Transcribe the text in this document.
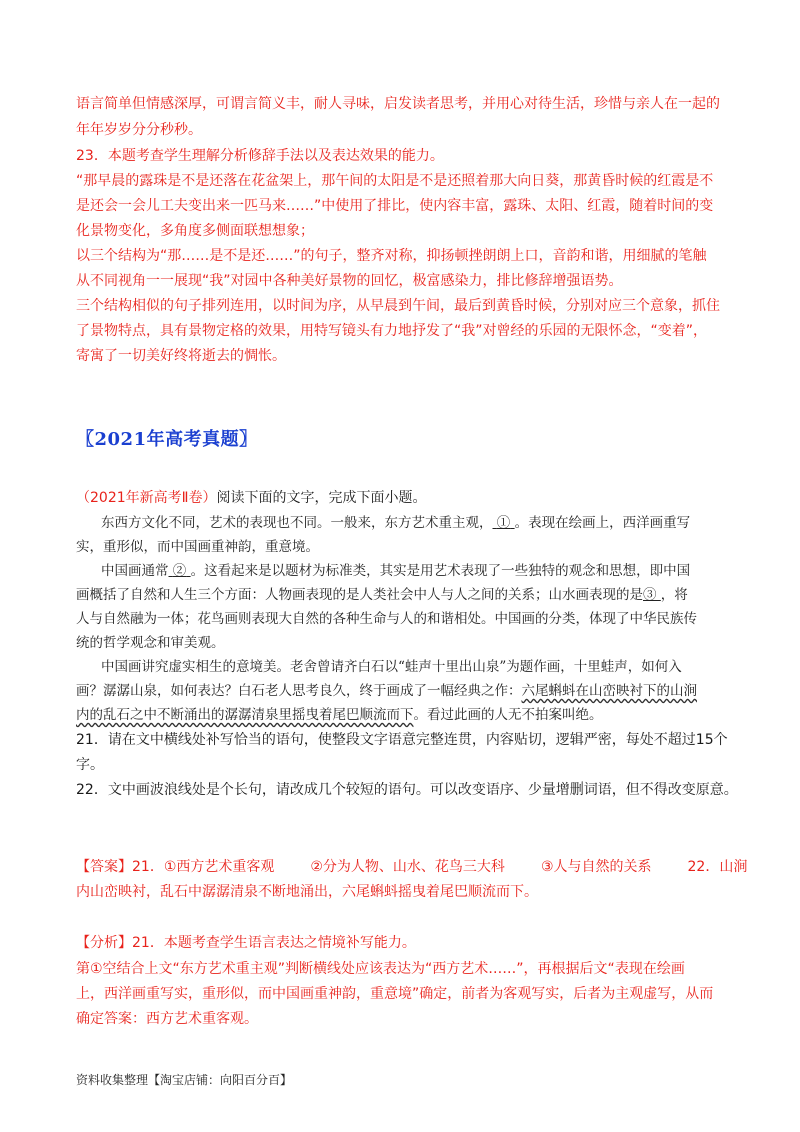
语言简单但情感深厚，可谓言简义丰，耐人寻味，启发读者思考，并用心对待生活，珍惜与亲人在一起的
年年岁岁分分秒秒。
23．本题考查学生理解分析修辞手法以及表达效果的能力。
“那早晨的露珠是不是还落在花盆架上，那午间的太阳是不是还照着那大向日葵，那黄昏时候的红霞是不
是还会一会儿工夫变出来一匹马来……”中使用了排比，使内容丰富，露珠、太阳、红霞，随着时间的变
化景物变化，多角度多侧面联想想象；
以三个结构为“那……是不是还……”的句子，整齐对称，抑扬顿挫朗朗上口，音韵和谐，用细腻的笔触
从不同视角一一展现“我”对园中各种美好景物的回忆，极富感染力，排比修辞增强语势。
三个结构相似的句子排列连用，以时间为序，从早晨到午间，最后到黄昏时候，分别对应三个意象，抓住
了景物特点，具有景物定格的效果，用特写镜头有力地抒发了“我”对曾经的乐园的无限怀念，“变着”，
寄寓了一切美好终将逝去的惆怅。
〖2021年高考真题〗
（2021年新高考Ⅱ卷）阅读下面的文字，完成下面小题。
东西方文化不同，艺术的表现也不同。一般来，东方艺术重主观， ① 。表现在绘画上，西洋画重写
实，重形似，而中国画重神韵，重意境。
中国画通常 ② 。这看起来是以题材为标准类，其实是用艺术表现了一些独特的观念和思想，即中国
画概括了自然和人生三个方面：人物画表现的是人类社会中人与人之间的关系；山水画表现的是③ ，将
人与自然融为一体；花鸟画则表现大自然的各种生命与人的和谐相处。中国画的分类，体现了中华民族传
统的哲学观念和审美观。
中国画讲究虚实相生的意境美。老舍曾请齐白石以“蛙声十里出山泉”为题作画，十里蛙声，如何入
画？潺潺山泉，如何表达？白石老人思考良久，终于画成了一幅经典之作：六尾蝌蚪在山峦映衬下的山涧
内的乱石之中不断涌出的潺潺清泉里摇曳着尾巴顺流而下。看过此画的人无不拍案叫绝。
21．请在文中横线处补写恰当的语句，使整段文字语意完整连贯，内容贴切，逻辑严密，每处不超过15个
字。
22．文中画波浪线处是个长句，请改成几个较短的语句。可以改变语序、少量增删词语，但不得改变原意。
【答案】21．①西方艺术重客观	②分为人物、山水、花鸟三大科	③人与自然的关系	22．山涧
内山峦映衬，乱石中潺潺清泉不断地涌出，六尾蝌蚪摇曳着尾巴顺流而下。
【分析】21．本题考查学生语言表达之情境补写能力。
第①空结合上文“东方艺术重主观”判断横线处应该表达为“西方艺术……”，再根据后文“表现在绘画
上，西洋画重写实，重形似，而中国画重神韵，重意境”确定，前者为客观写实，后者为主观虚写，从而
确定答案：西方艺术重客观。
资料收集整理【淘宝店铺：向阳百分百】
